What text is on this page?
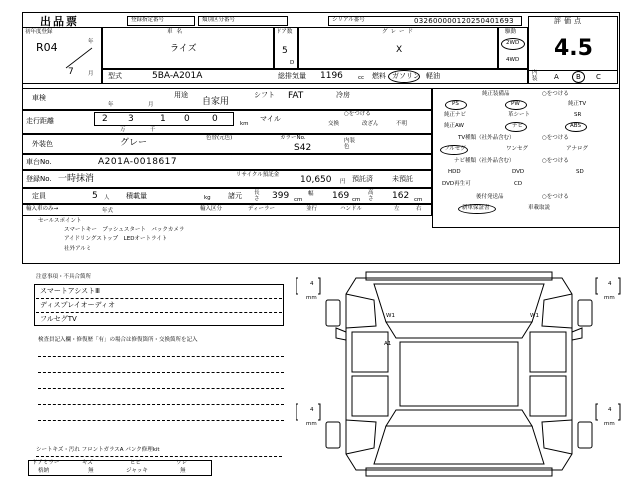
出品票	登録指定番号	類別区分番号	シリアル番号	032600000120250401693	評価点
4.5
内装	A B C
初年度登録
R04	年
7	月
車名
ライズ
ドア数
5
D
グレード
X
駆動
2WD
4WD
型式	5BA-A201A	総排気量 1196	cc 燃料 ガソリン 軽油
車検
年	月
用途
自家用
シフト FAT	冷房
走行距離	2 3	1 0 0
万	千
km
マイル
○をつける
交換	改ざん	不明
外装色	グレー	色替(元色)	カラーNo.
S42
内装色
車台No.	A201A-0018617
登録No. 一時抹消	リサイクル預託金	10,650 円 預託済	未預託
定員	5 人 積載量	kg 諸元 長さ 399 cm
幅 169 cm
高さ 162 cm
輸入車のみ→	年式	輸入区分	ディーラー	並行	ハンドル	左	右
セールスポイント
スマートキー　プッシュスタート　バックカメラ
アイドリングストップ　LEDオートライト
社外アルミ
純正装備品	○をつける
PS	PW	純正TV
純正ナビ	革シート	SR
純正AW	ナビ	ABS
TV種類（社外品含む）	○をつける
フルセグ	ワンセグ	アナログ
ナビ種類（社外品含む）	○をつける
HDD	DVD	SD
DVD再生可	CD
後付発送品	○をつける
新車保証書	車載取説
注意事項・不具合箇所
スマートアシストⅢ
ディスプレイオーディオ
フルセグTV
検査員記入欄・修復歴「有」の場合は修復箇所・交換箇所を記入
シートキズ・汚れ フロントガラスA パンク修理kit
ドアミラー	キズ	ヒビ	ワレ
格納	無	ジャッキ	無
4
mm
4
mm
4
mm
4
mm
W1	W1
A1
